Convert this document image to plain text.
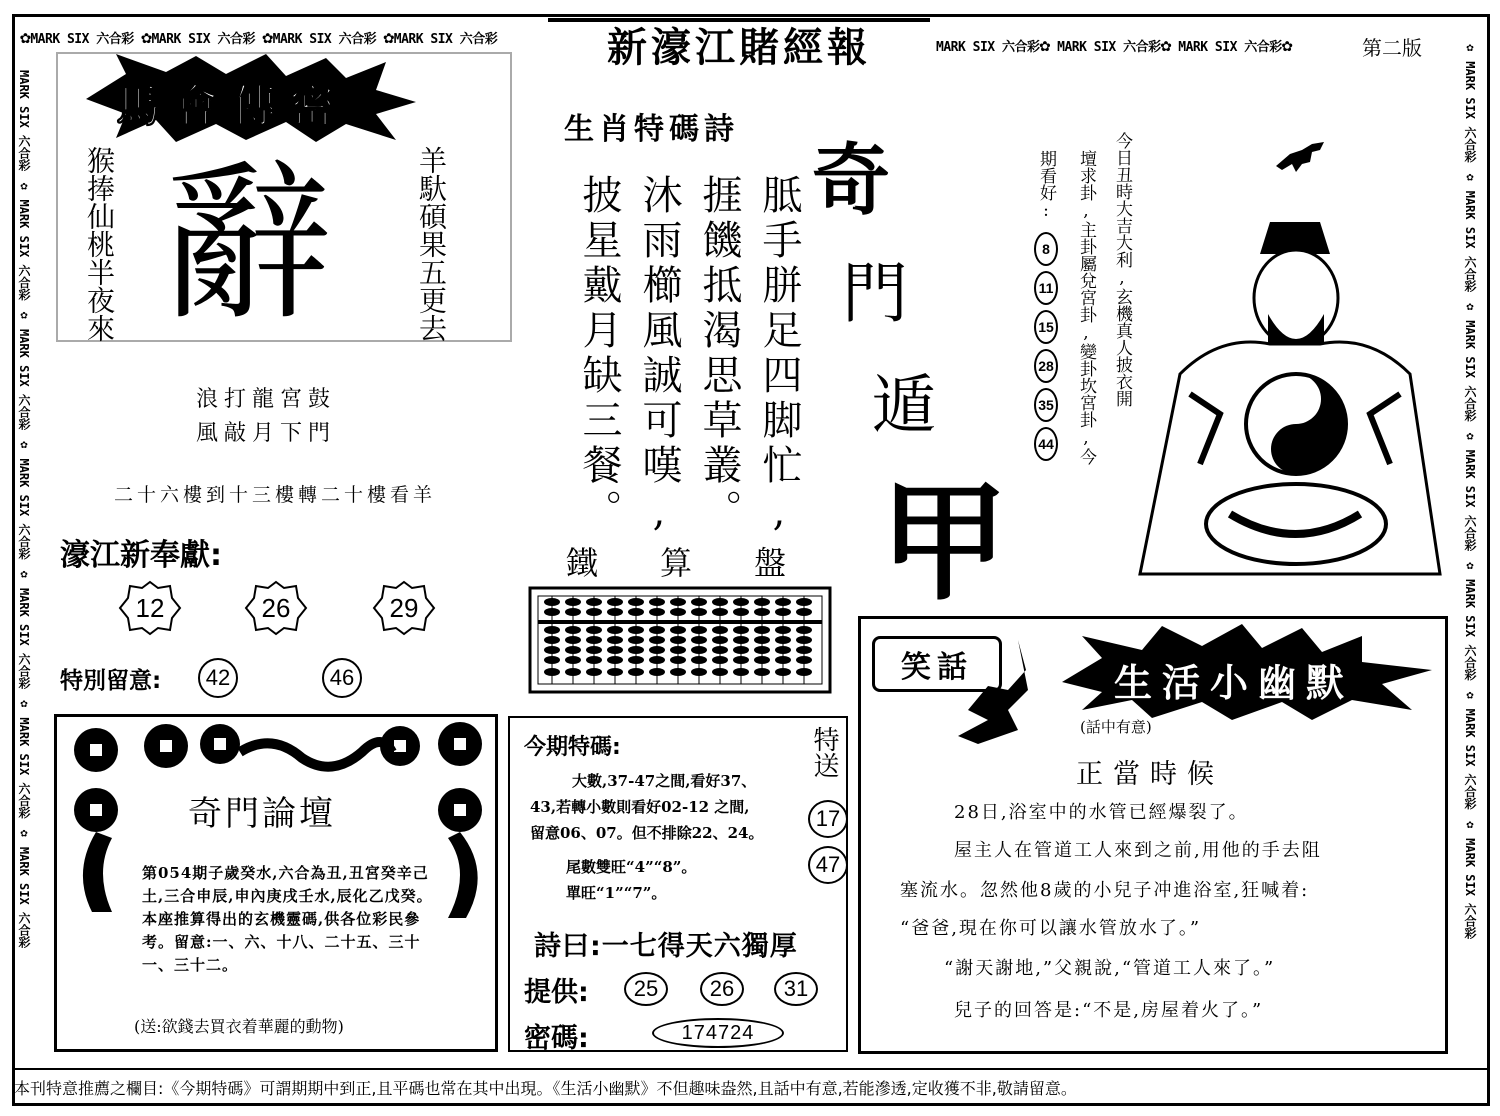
✿MARK SIX 六合彩 ✿MARK SIX 六合彩 ✿MARK SIX 六合彩 ✿MARK SIX 六合彩	新濠江賭經報	MARK SIX 六合彩✿ MARK SIX 六合彩✿ MARK SIX 六合彩✿	第二版
MARK SIX 六合彩 ✿ MARK SIX 六合彩 ✿ MARK SIX 六合彩 ✿ MARK SIX 六合彩 ✿ MARK SIX 六合彩 ✿ MARK SIX 六合彩 ✿ MARK SIX 六合彩
✿ MARK SIX 六合彩 ✿ MARK SIX 六合彩 ✿ MARK SIX 六合彩 ✿ MARK SIX 六合彩 ✿ MARK SIX 六合彩 ✿ MARK SIX 六合彩 ✿ MARK SIX 六合彩
馬會傳密
猴捧仙桃半夜來	羊馱碩果五更去
辭
浪打龍宮鼓
風敲月下門
二十六樓到十三樓轉二十樓看羊
濠江新奉獻:
12	26	29
特別留意:	42	46
生肖特碼詩
胝手胼足四脚忙,
捱饑抵渴思草叢。
沐雨櫛風誠可嘆,
披星戴月缺三餐。 奇
門
遁
甲
鐵 算 盤
今日丑時大吉大利,玄機真人披衣開
壇求卦,主卦屬兌宮卦,變卦坎宮卦,今
期看好:
8
11
15
28
35
44
奇門論壇
第054期子歲癸水,六合為丑,丑宮癸辛己土,三合申辰,申內庚戌壬水,辰化乙戊癸。本座推算得出的玄機靈碼,供各位彩民參考。留意:一、六、十八、二十五、三十一、三十二。
(送:欲錢去買衣着華麗的動物)
今期特碼:	特送
17
47
大數,37-47之間,看好37、
43,若轉小數則看好02-12 之間,
留意06、07。但不排除22、24。
尾數雙旺“4”“8”。
單旺“1”“7”。
詩曰:一七得天六獨厚
提供:	25	26	31
密碼:	174724
笑話	生活小幽默
(話中有意)
正當時候
28日,浴室中的水管已經爆裂了。
屋主人在管道工人來到之前,用他的手去阻
塞流水。忽然他8歲的小兒子冲進浴室,狂喊着:
“爸爸,現在你可以讓水管放水了。”
“謝天謝地,”父親說,“管道工人來了。”
兒子的回答是:“不是,房屋着火了。”
本刊特意推薦之欄目:《今期特碼》可謂期期中到正,且平碼也常在其中出現。《生活小幽默》不但趣味盎然,且話中有意,若能滲透,定收獲不非,敬請留意。
